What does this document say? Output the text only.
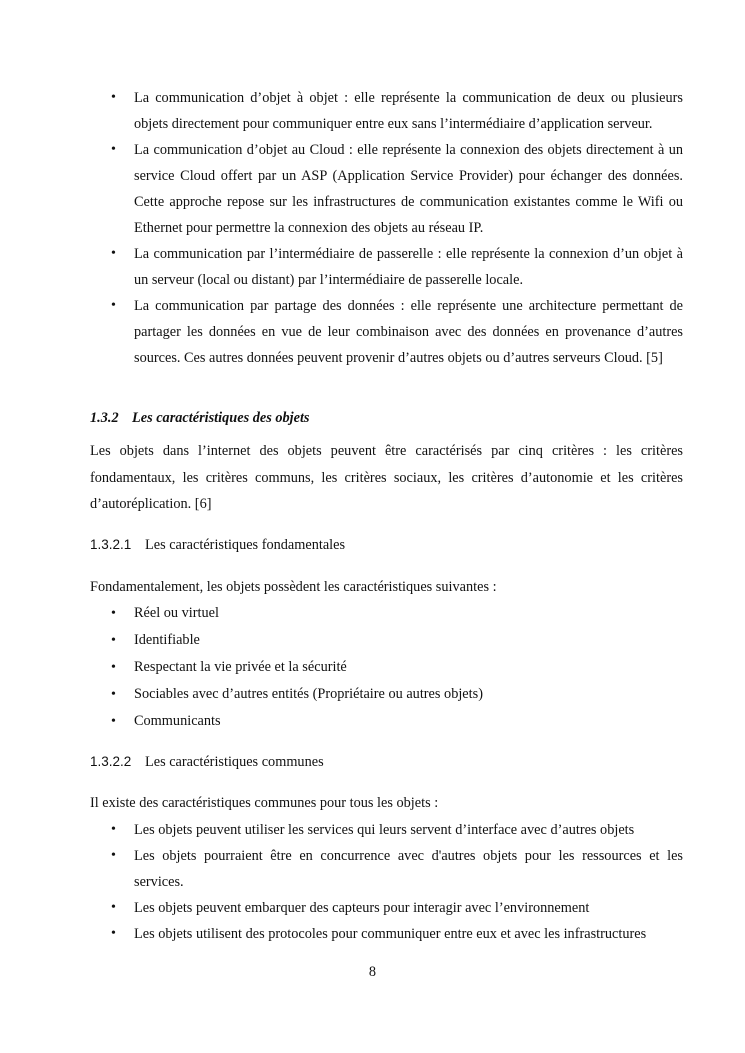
• La communication d’objet à objet : elle représente la communication de deux ou plusieurs objets directement pour communiquer entre eux sans l’intermédiaire d’application serveur.
• La communication d’objet au Cloud : elle représente la connexion des objets directement à un service Cloud offert par un ASP (Application Service Provider) pour échanger des données. Cette approche repose sur les infrastructures de communication existantes comme le Wifi ou Ethernet pour permettre la connexion des objets au réseau IP.
• La communication par l’intermédiaire de passerelle : elle représente la connexion d’un objet à un serveur (local ou distant) par l’intermédiaire de passerelle locale.
• La communication par partage des données : elle représente une architecture permettant de partager les données en vue de leur combinaison avec des données en provenance d’autres sources. Ces autres données peuvent provenir d’autres objets ou d’autres serveurs Cloud. [5]
1.3.2 Les caractéristiques des objets

Les objets dans l’internet des objets peuvent être caractérisés par cinq critères : les critères fondamentaux, les critères communs, les critères sociaux, les critères d’autonomie et les critères d’autoréplication. [6]

1.3.2.1 Les caractéristiques fondamentales

Fondamentalement, les objets possèdent les caractéristiques suivantes :

• Réel ou virtuel
• Identifiable
• Respectant la vie privée et la sécurité
• Sociables avec d’autres entités (Propriétaire ou autres objets)
• Communicants
1.3.2.2 Les caractéristiques communes

Il existe des caractéristiques communes pour tous les objets :

• Les objets peuvent utiliser les services qui leurs servent d’interface avec d’autres objets
• Les objets pourraient être en concurrence avec d'autres objets pour les ressources et les services.
• Les objets peuvent embarquer des capteurs pour interagir avec l’environnement
• Les objets utilisent des protocoles pour communiquer entre eux et avec les infrastructures
8
